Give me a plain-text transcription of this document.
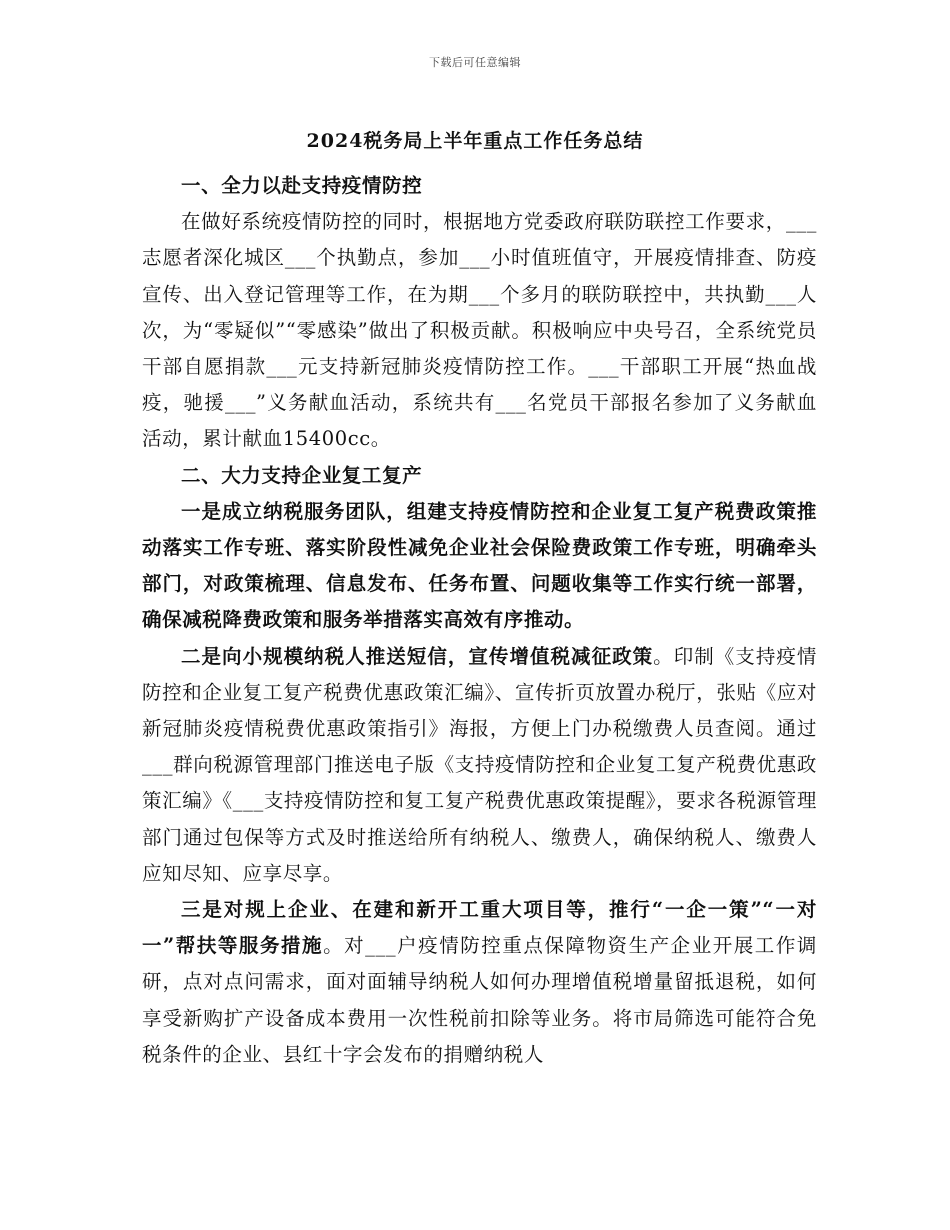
下载后可任意编辑
2024税务局上半年重点工作任务总结

一、全力以赴支持疫情防控

在做好系统疫情防控的同时，根据地方党委政府联防联控工作要求，___志愿者深化城区___个执勤点，参加___小时值班值守，开展疫情排查、防疫宣传、出入登记管理等工作，在为期___个多月的联防联控中，共执勤___人次，为“零疑似”“零感染”做出了积极贡献。积极响应中央号召，全系统党员干部自愿捐款___元支持新冠肺炎疫情防控工作。___干部职工开展“热血战疫，驰援___”义务献血活动，系统共有___名党员干部报名参加了义务献血活动，累计献血15400cc。

二、大力支持企业复工复产

一是成立纳税服务团队，组建支持疫情防控和企业复工复产税费政策推动落实工作专班、落实阶段性减免企业社会保险费政策工作专班，明确牵头部门，对政策梳理、信息发布、任务布置、问题收集等工作实行统一部署，确保减税降费政策和服务举措落实高效有序推动。

二是向小规模纳税人推送短信，宣传增值税减征政策。印制《支持疫情防控和企业复工复产税费优惠政策汇编》、宣传折页放置办税厅，张贴《应对新冠肺炎疫情税费优惠政策指引》海报，方便上门办税缴费人员查阅。通过___群向税源管理部门推送电子版《支持疫情防控和企业复工复产税费优惠政策汇编》《___支持疫情防控和复工复产税费优惠政策提醒》，要求各税源管理部门通过包保等方式及时推送给所有纳税人、缴费人，确保纳税人、缴费人应知尽知、应享尽享。

三是对规上企业、在建和新开工重大项目等，推行“一企一策”“一对一”帮扶等服务措施。对___户疫情防控重点保障物资生产企业开展工作调研，点对点问需求，面对面辅导纳税人如何办理增值税增量留抵退税，如何享受新购扩产设备成本费用一次性税前扣除等业务。将市局筛选可能符合免税条件的企业、县红十字会发布的捐赠纳税人
